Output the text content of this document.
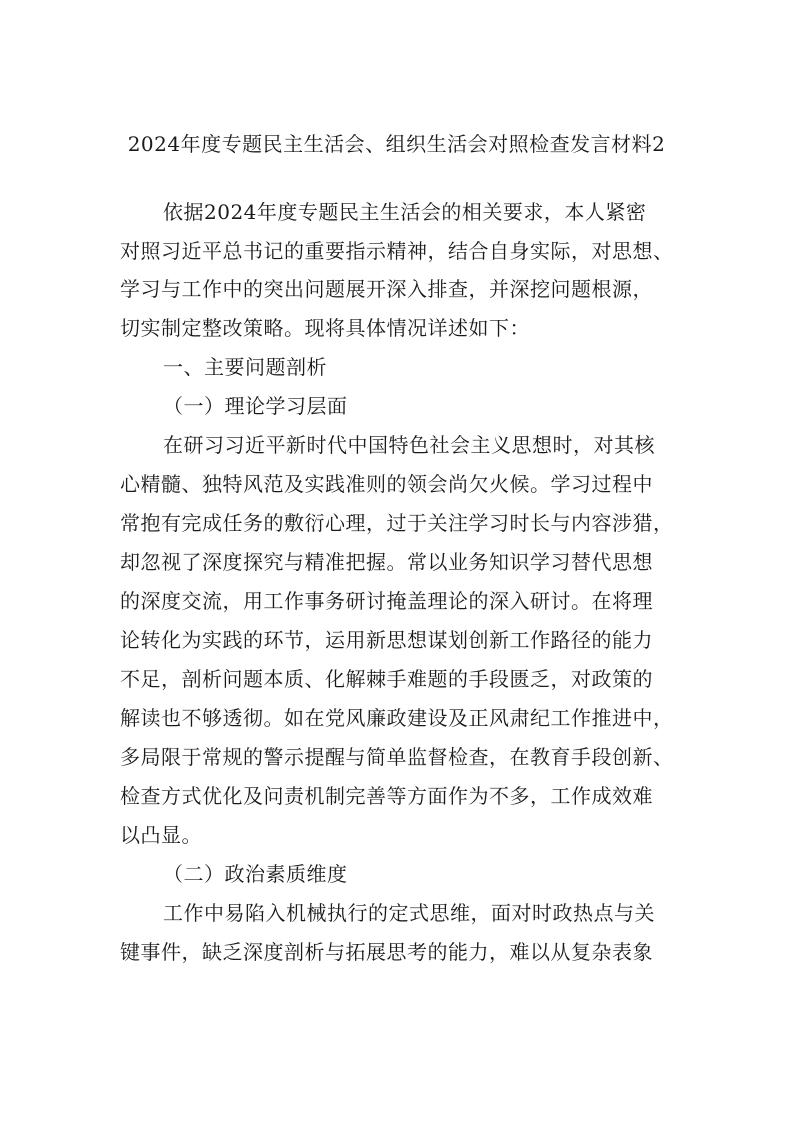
2024年度专题民主生活会、组织生活会对照检查发言材料2
依据2024年度专题民主生活会的相关要求，本人紧密
对照习近平总书记的重要指示精神，结合自身实际，对思想、
学习与工作中的突出问题展开深入排查，并深挖问题根源，
切实制定整改策略。现将具体情况详述如下：
一、主要问题剖析
（一）理论学习层面
在研习习近平新时代中国特色社会主义思想时，对其核
心精髓、独特风范及实践准则的领会尚欠火候。学习过程中
常抱有完成任务的敷衍心理，过于关注学习时长与内容涉猎，
却忽视了深度探究与精准把握。常以业务知识学习替代思想
的深度交流，用工作事务研讨掩盖理论的深入研讨。在将理
论转化为实践的环节，运用新思想谋划创新工作路径的能力
不足，剖析问题本质、化解棘手难题的手段匮乏，对政策的
解读也不够透彻。如在党风廉政建设及正风肃纪工作推进中，
多局限于常规的警示提醒与简单监督检查，在教育手段创新、
检查方式优化及问责机制完善等方面作为不多，工作成效难
以凸显。
（二）政治素质维度
工作中易陷入机械执行的定式思维，面对时政热点与关
键事件，缺乏深度剖析与拓展思考的能力，难以从复杂表象
